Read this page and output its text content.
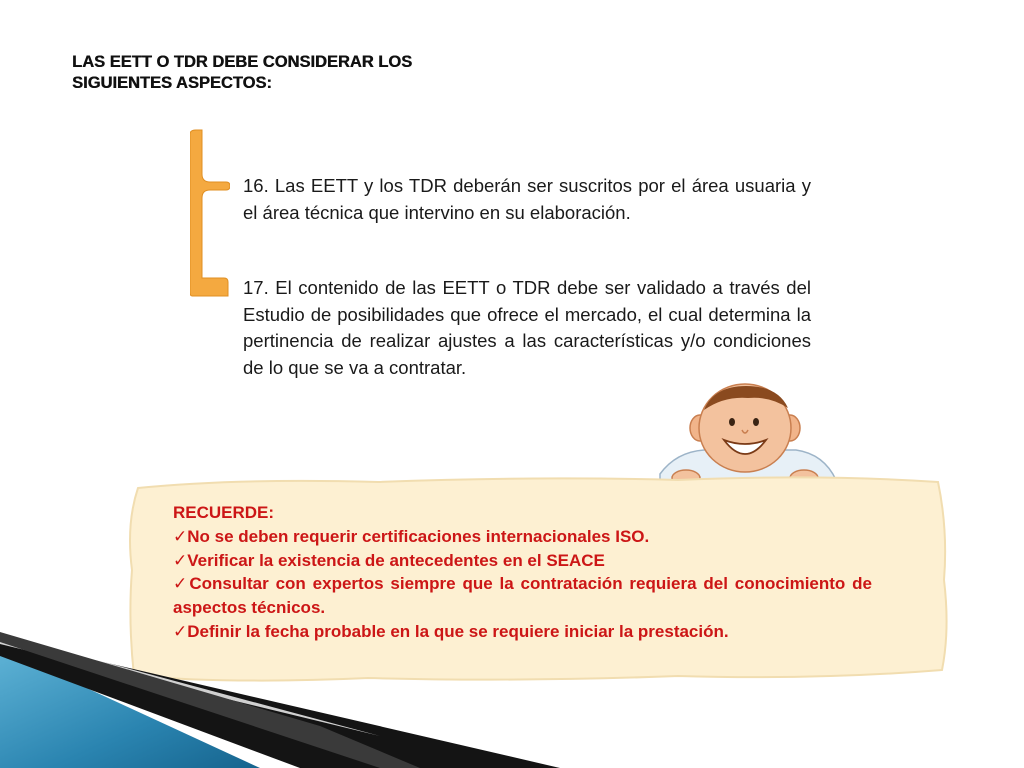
LAS EETT O TDR DEBE CONSIDERAR LOS
SIGUIENTES ASPECTOS:

16. Las EETT y los TDR deberán ser suscritos por el área usuaria y el área técnica que intervino en su elaboración.

17. El contenido de las EETT o TDR debe ser validado a través del Estudio de posibilidades que ofrece el mercado, el cual determina la pertinencia de realizar ajustes a las características y/o condiciones de lo que se va a contratar.

RECUERDE:
✓No se deben requerir certificaciones internacionales ISO.
✓Verificar la existencia de antecedentes en el SEACE
✓Consultar con expertos siempre que la contratación requiera del conocimiento de aspectos técnicos.
✓Definir la fecha probable en la que se requiere iniciar la prestación.
